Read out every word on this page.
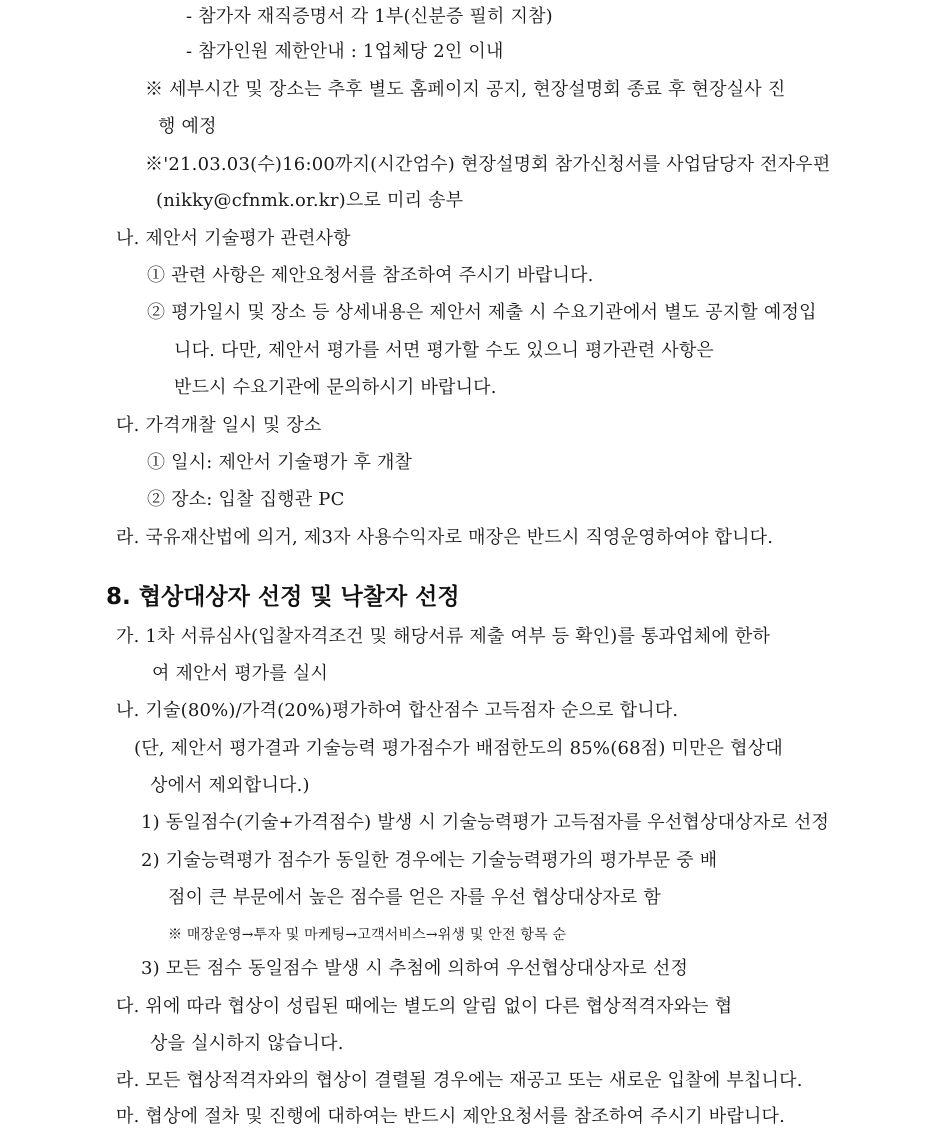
- 참가자 재직증명서 각 1부(신분증 필히 지참)
- 참가인원 제한안내 : 1업체당 2인 이내
※ 세부시간 및 장소는 추후 별도 홈페이지 공지, 현장설명회 종료 후 현장실사 진
행 예정
※'21.03.03(수)16:00까지(시간엄수) 현장설명회 참가신청서를 사업담당자 전자우편
(nikky@cfnmk.or.kr)으로 미리 송부
나. 제안서 기술평가 관련사항
① 관련 사항은 제안요청서를 참조하여 주시기 바랍니다.
② 평가일시 및 장소 등 상세내용은 제안서 제출 시 수요기관에서 별도 공지할 예정입
니다. 다만, 제안서 평가를 서면 평가할 수도 있으니 평가관련 사항은
반드시 수요기관에 문의하시기 바랍니다.
다. 가격개찰 일시 및 장소
① 일시: 제안서 기술평가 후 개찰
② 장소: 입찰 집행관 PC
라. 국유재산법에 의거, 제3자 사용수익자로 매장은 반드시 직영운영하여야 합니다.
8. 협상대상자 선정 및 낙찰자 선정
가. 1차 서류심사(입찰자격조건 및 해당서류 제출 여부 등 확인)를 통과업체에 한하
여 제안서 평가를 실시
나. 기술(80%)/가격(20%)평가하여 합산점수 고득점자 순으로 합니다.
(단, 제안서 평가결과 기술능력 평가점수가 배점한도의 85%(68점) 미만은 협상대
상에서 제외합니다.)
1) 동일점수(기술+가격점수) 발생 시 기술능력평가 고득점자를 우선협상대상자로 선정
2) 기술능력평가 점수가 동일한 경우에는 기술능력평가의 평가부문 중 배
점이 큰 부문에서 높은 점수를 얻은 자를 우선 협상대상자로 함
※ 매장운영→투자 및 마케팅→고객서비스→위생 및 안전 항목 순
3) 모든 점수 동일점수 발생 시 추첨에 의하여 우선협상대상자로 선정
다. 위에 따라 협상이 성립된 때에는 별도의 알림 없이 다른 협상적격자와는 협
상을 실시하지 않습니다.
라. 모든 협상적격자와의 협상이 결렬될 경우에는 재공고 또는 새로운 입찰에 부칩니다.
마. 협상에 절차 및 진행에 대하여는 반드시 제안요청서를 참조하여 주시기 바랍니다.
